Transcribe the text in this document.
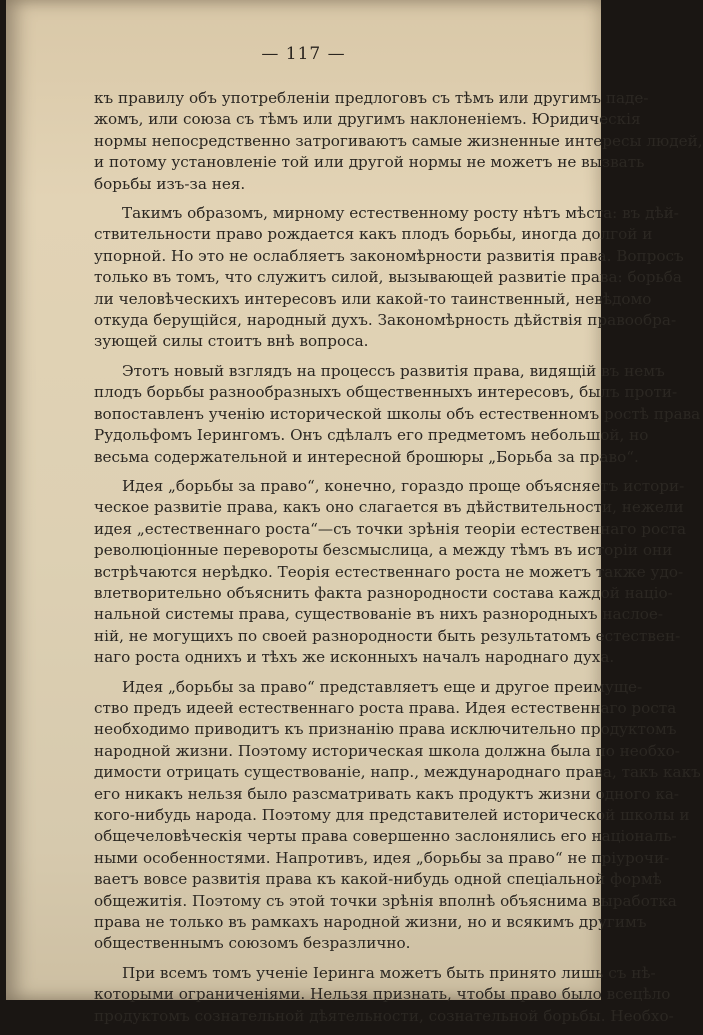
— 117 —
къ правилу объ употребленіи предлоговъ съ тѣмъ или другимъ паде-
жомъ, или союза съ тѣмъ или другимъ наклоненіемъ. Юридическія
нормы непосредственно затрогиваютъ самые жизненные интересы людей,
и потому установленіе той или другой нормы не можетъ не вызвать
борьбы изъ-за нея.
Такимъ образомъ, мирному естественному росту нѣтъ мѣста: въ дѣй-
ствительности право рождается какъ плодъ борьбы, иногда долгой и
упорной. Но это не ослабляетъ закономѣрности развитія права. Вопросъ
только въ томъ, что служитъ силой, вызывающей развитіе права: борьба
ли человѣческихъ интересовъ или какой-то таинственный, невѣдомо
откуда берущійся, народный духъ. Закономѣрность дѣйствія правообра-
зующей силы стоитъ внѣ вопроса.
Этотъ новый взглядъ на процессъ развитія права, видящій въ немъ
плодъ борьбы разнообразныхъ общественныхъ интересовъ, былъ проти-
вопоставленъ ученію исторической школы объ естественномъ ростѣ права
Рудольфомъ Іерингомъ. Онъ сдѣлалъ его предметомъ небольшой, но
весьма содержательной и интересной брошюры „Борьба за право“.
Идея „борьбы за право“, конечно, гораздо проще объясняетъ истори-
ческое развитіе права, какъ оно слагается въ дѣйствительности, нежели
идея „естественнаго роста“—съ точки зрѣнія теоріи естественнаго роста
революціонные перевороты безсмыслица, а между тѣмъ въ исторіи они
встрѣчаются нерѣдко. Теорія естественнаго роста не можетъ также удо-
влетворительно объяснить факта разнородности состава каждой націо-
нальной системы права, существованіе въ нихъ разнородныхъ наслое-
ній, не могущихъ по своей разнородности быть результатомъ естествен-
наго роста однихъ и тѣхъ же исконныхъ началъ народнаго духа.
Идея „борьбы за право“ представляетъ еще и другое преимуще-
ство предъ идеей естественнаго роста права. Идея естественнаго роста
необходимо приводитъ къ признанію права исключительно продуктомъ
народной жизни. Поэтому историческая школа должна была по необхо-
димости отрицать существованіе, напр., международнаго права, такъ какъ
его никакъ нельзя было разсматривать какъ продуктъ жизни одного ка-
кого-нибудь народа. Поэтому для представителей исторической школы и
общечеловѣческія черты права совершенно заслонялись его національ-
ными особенностями. Напротивъ, идея „борьбы за право“ не пріурочи-
ваетъ вовсе развитія права къ какой-нибудь одной спеціальной формѣ
общежитія. Поэтому съ этой точки зрѣнія вполнѣ объяснима выработка
права не только въ рамкахъ народной жизни, но и всякимъ другимъ
общественнымъ союзомъ безразлично.
При всемъ томъ ученіе Іеринга можетъ быть принято лишь съ нѣ-
которыми ограниченіями. Нельзя признать, чтобы право было всецѣло
продуктомъ сознательной дѣятельности, сознательной борьбы. Необхо-
